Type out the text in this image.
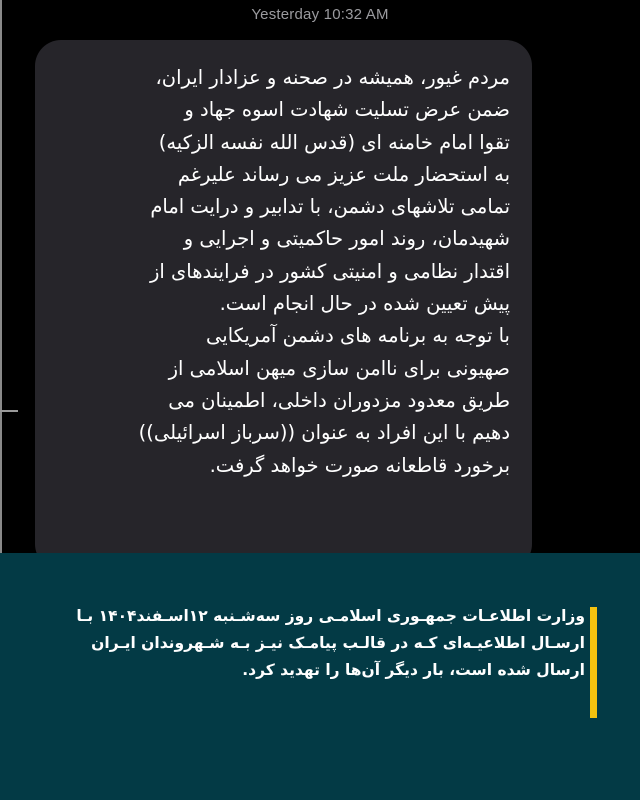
Yesterday 10:32 AM
مردم غیور، همیشه در صحنه و عزادار ایران،
ضمن عرض تسلیت شهادت اسوه جهاد و
تقوا امام خامنه ای (قدس الله نفسه الزکیه)
به استحضار ملت عزیز می رساند علیرغم
تمامی تلاشهای دشمن، با تدابیر و درایت امام
شهیدمان، روند امور حاکمیتی و اجرایی و
اقتدار نظامی و امنیتی کشور در فرایندهای از
پیش تعیین شده در حال انجام است.
با توجه به برنامه های دشمن آمریکایی
صهیونی برای ناامن سازی میهن اسلامی از
طریق معدود مزدوران داخلی، اطمینان می
دهیم با این افراد به عنوان ((سرباز اسرائیلی))
برخورد قاطعانه صورت خواهد گرفت.
وزارت اطلاعـات جمهـوری اسلامـی روز سه‌شـنبه ۱۲اسـفند۱۴۰۴ بـا
ارسـال اطلاعیـه‌ای کـه در قالـب پیامـک نیـز بـه شـهروندان ایـران
ارسال شده است، بار دیگر آن‌ها را تهدید کرد.
